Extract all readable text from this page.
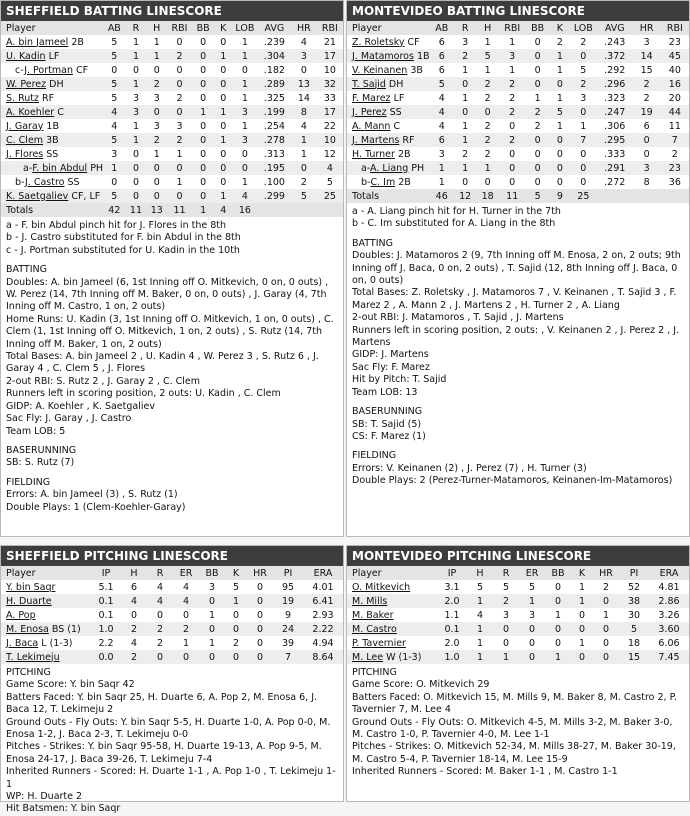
SHEFFIELD BATTING LINESCORE
Player	AB	R	H	RBI	BB	K	LOB	AVG	HR	RBI
A. bin Jameel 2B	5	1	1	0	0	0	1	.239	4	21
U. Kadin LF	5	1	1	2	0	1	1	.304	3	17
c-J. Portman CF	0	0	0	0	0	0	0	.182	0	10
W. Perez DH	5	1	2	0	0	0	1	.289	13	32
S. Rutz RF	5	3	3	2	0	0	1	.325	14	33
A. Koehler C	4	3	0	0	1	1	3	.199	8	17
J. Garay 1B	4	1	3	3	0	0	1	.254	4	22
C. Clem 3B	5	1	2	2	0	1	3	.278	1	10
J. Flores SS	3	0	1	1	0	0	0	.313	1	12
a-F. bin Abdul PH	1	0	0	0	0	0	0	.195	0	4
b-J. Castro SS	0	0	0	1	0	0	1	.100	2	5
K. Saetgaliev CF, LF	5	0	0	0	0	1	4	.299	5	25
Totals	42	11	13	11	1	4	16			

a - F. bin Abdul pinch hit for J. Flores in the 8th

b - J. Castro substituted for F. bin Abdul in the 8th

c - J. Portman substituted for U. Kadin in the 10th

BATTING

Doubles: A. bin Jameel (6, 1st Inning off O. Mitkevich, 0 on, 0 outs) , W. Perez (14, 7th Inning off M. Baker, 0 on, 0 outs) , J. Garay (4, 7th Inning off M. Castro, 1 on, 2 outs)

Home Runs: U. Kadin (3, 1st Inning off O. Mitkevich, 1 on, 0 outs) , C. Clem (1, 1st Inning off O. Mitkevich, 1 on, 2 outs) , S. Rutz (14, 7th Inning off M. Baker, 1 on, 2 outs)

Total Bases: A. bin Jameel 2 , U. Kadin 4 , W. Perez 3 , S. Rutz 6 , J. Garay 4 , C. Clem 5 , J. Flores

2-out RBI: S. Rutz 2 , J. Garay 2 , C. Clem

Runners left in scoring position, 2 outs: U. Kadin , C. Clem

GIDP: A. Koehler , K. Saetgaliev

Sac Fly: J. Garay , J. Castro

Team LOB: 5

BASERUNNING

SB: S. Rutz (7)

FIELDING

Errors: A. bin Jameel (3) , S. Rutz (1)

Double Plays: 1 (Clem-Koehler-Garay)

MONTEVIDEO BATTING LINESCORE
Player	AB	R	H	RBI	BB	K	LOB	AVG	HR	RBI
Z. Roletsky CF	6	3	1	1	0	2	2	.243	3	23
J. Matamoros 1B	6	2	5	3	0	1	0	.372	14	45
V. Keinanen 3B	6	1	1	1	0	1	5	.292	15	40
T. Sajid DH	5	0	2	2	0	0	2	.296	2	16
F. Marez LF	4	1	2	2	1	1	3	.323	2	20
J. Perez SS	4	0	0	2	2	5	0	.247	19	44
A. Mann C	4	1	2	0	2	1	1	.306	6	11
J. Martens RF	6	1	2	2	0	0	7	.295	0	7
H. Turner 2B	3	2	2	0	0	0	0	.333	0	2
a-A. Liang PH	1	1	1	0	0	0	0	.291	3	23
b-C. Im 2B	1	0	0	0	0	0	0	.272	8	36
Totals	46	12	18	11	5	9	25			

a - A. Liang pinch hit for H. Turner in the 7th

b - C. Im substituted for A. Liang in the 8th

BATTING

Doubles: J. Matamoros 2 (9, 7th Inning off M. Enosa, 2 on, 2 outs; 9th Inning off J. Baca, 0 on, 2 outs) , T. Sajid (12, 8th Inning off J. Baca, 0 on, 0 outs)

Total Bases: Z. Roletsky , J. Matamoros 7 , V. Keinanen , T. Sajid 3 , F. Marez 2 , A. Mann 2 , J. Martens 2 , H. Turner 2 , A. Liang

2-out RBI: J. Matamoros , T. Sajid , J. Martens

Runners left in scoring position, 2 outs: , V. Keinanen 2 , J. Perez 2 , J. Martens

GIDP: J. Martens

Sac Fly: F. Marez

Hit by Pitch: T. Sajid

Team LOB: 13

BASERUNNING

SB: T. Sajid (5)

CS: F. Marez (1)

FIELDING

Errors: V. Keinanen (2) , J. Perez (7) , H. Turner (3)

Double Plays: 2 (Perez-Turner-Matamoros, Keinanen-Im-Matamoros)

SHEFFIELD PITCHING LINESCORE
Player	IP	H	R	ER	BB	K	HR	PI	ERA
Y. bin Saqr	5.1	6	4	4	3	5	0	95	4.01
H. Duarte	0.1	4	4	4	0	1	0	19	6.41
A. Pop	0.1	0	0	0	1	0	0	9	2.93
M. Enosa BS (1)	1.0	2	2	2	0	0	0	24	2.22
J. Baca L (1-3)	2.2	4	2	1	1	2	0	39	4.94
T. Lekimeju	0.0	2	0	0	0	0	0	7	8.64

PITCHING

Game Score: Y. bin Saqr 42

Batters Faced: Y. bin Saqr 25, H. Duarte 6, A. Pop 2, M. Enosa 6, J. Baca 12, T. Lekimeju 2

Ground Outs - Fly Outs: Y. bin Saqr 5-5, H. Duarte 1-0, A. Pop 0-0, M. Enosa 1-2, J. Baca 2-3, T. Lekimeju 0-0

Pitches - Strikes: Y. bin Saqr 95-58, H. Duarte 19-13, A. Pop 9-5, M. Enosa 24-17, J. Baca 39-26, T. Lekimeju 7-4

Inherited Runners - Scored: H. Duarte 1-1 , A. Pop 1-0 , T. Lekimeju 1-1

WP: H. Duarte 2

Hit Batsmen: Y. bin Saqr

MONTEVIDEO PITCHING LINESCORE
Player	IP	H	R	ER	BB	K	HR	PI	ERA
O. Mitkevich	3.1	5	5	5	0	1	2	52	4.81
M. Mills	2.0	1	2	1	0	1	0	38	2.86
M. Baker	1.1	4	3	3	1	0	1	30	3.26
M. Castro	0.1	1	0	0	0	0	0	5	3.60
P. Tavernier	2.0	1	0	0	0	1	0	18	6.06
M. Lee W (1-3)	1.0	1	1	0	1	0	0	15	7.45

PITCHING

Game Score: O. Mitkevich 29

Batters Faced: O. Mitkevich 15, M. Mills 9, M. Baker 8, M. Castro 2, P. Tavernier 7, M. Lee 4

Ground Outs - Fly Outs: O. Mitkevich 4-5, M. Mills 3-2, M. Baker 3-0, M. Castro 1-0, P. Tavernier 4-0, M. Lee 1-1

Pitches - Strikes: O. Mitkevich 52-34, M. Mills 38-27, M. Baker 30-19, M. Castro 5-4, P. Tavernier 18-14, M. Lee 15-9

Inherited Runners - Scored: M. Baker 1-1 , M. Castro 1-1
